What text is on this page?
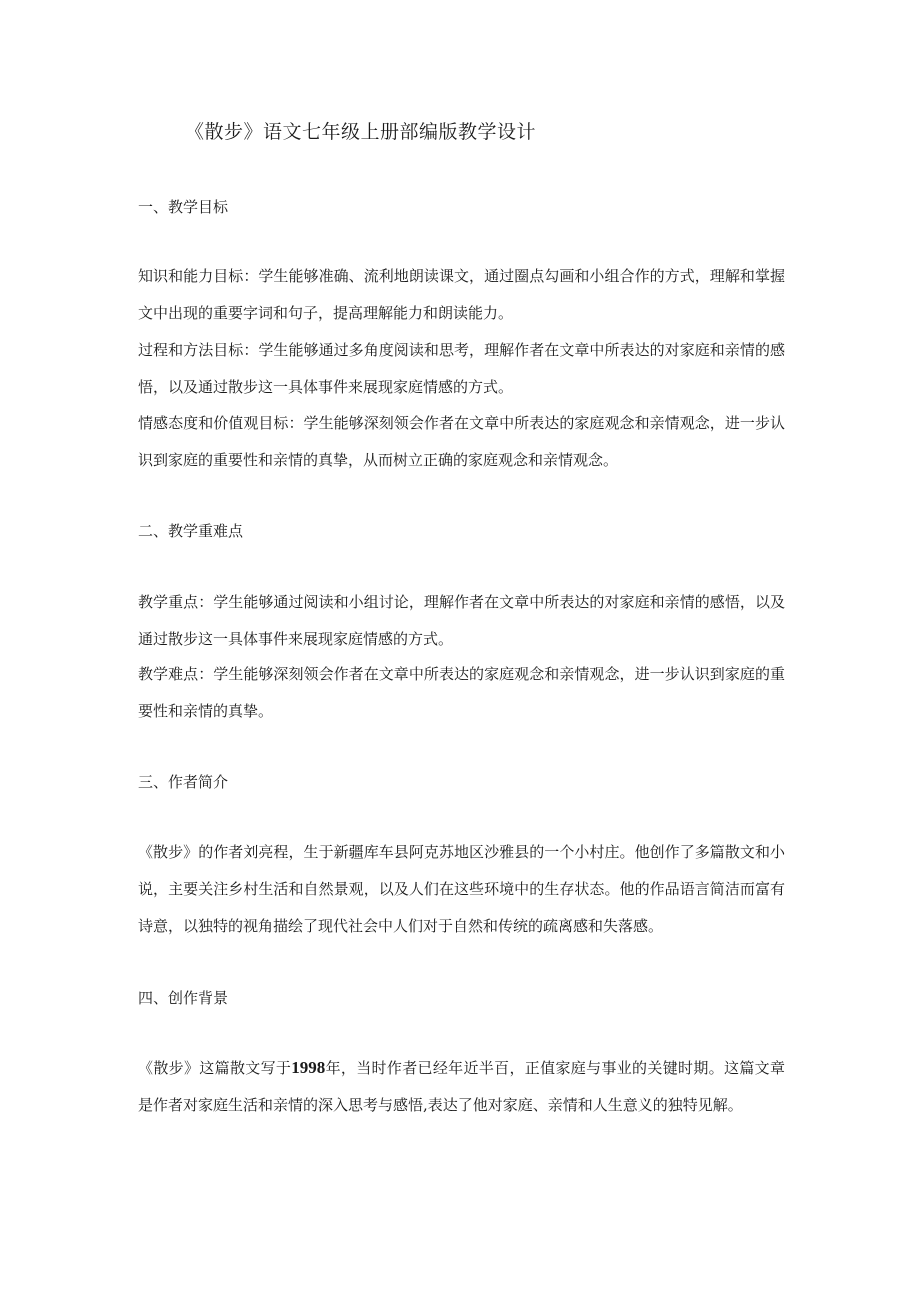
《散步》语文七年级上册部编版教学设计
一、教学目标

知识和能力目标：学生能够准确、流利地朗读课文，通过圈点勾画和小组合作的方式，理解和掌握文中出现的重要字词和句子，提高理解能力和朗读能力。

过程和方法目标：学生能够通过多角度阅读和思考，理解作者在文章中所表达的对家庭和亲情的感悟，以及通过散步这一具体事件来展现家庭情感的方式。

情感态度和价值观目标：学生能够深刻领会作者在文章中所表达的家庭观念和亲情观念，进一步认识到家庭的重要性和亲情的真挚，从而树立正确的家庭观念和亲情观念。

二、教学重难点

教学重点：学生能够通过阅读和小组讨论，理解作者在文章中所表达的对家庭和亲情的感悟，以及通过散步这一具体事件来展现家庭情感的方式。

教学难点：学生能够深刻领会作者在文章中所表达的家庭观念和亲情观念，进一步认识到家庭的重要性和亲情的真挚。

三、作者简介

《散步》的作者刘亮程，生于新疆库车县阿克苏地区沙雅县的一个小村庄。他创作了多篇散文和小说，主要关注乡村生活和自然景观，以及人们在这些环境中的生存状态。他的作品语言简洁而富有诗意，以独特的视角描绘了现代社会中人们对于自然和传统的疏离感和失落感。

四、创作背景

《散步》这篇散文写于1998年，当时作者已经年近半百，正值家庭与事业的关键时期。这篇文章是作者对家庭生活和亲情的深入思考与感悟,表达了他对家庭、亲情和人生意义的独特见解。
